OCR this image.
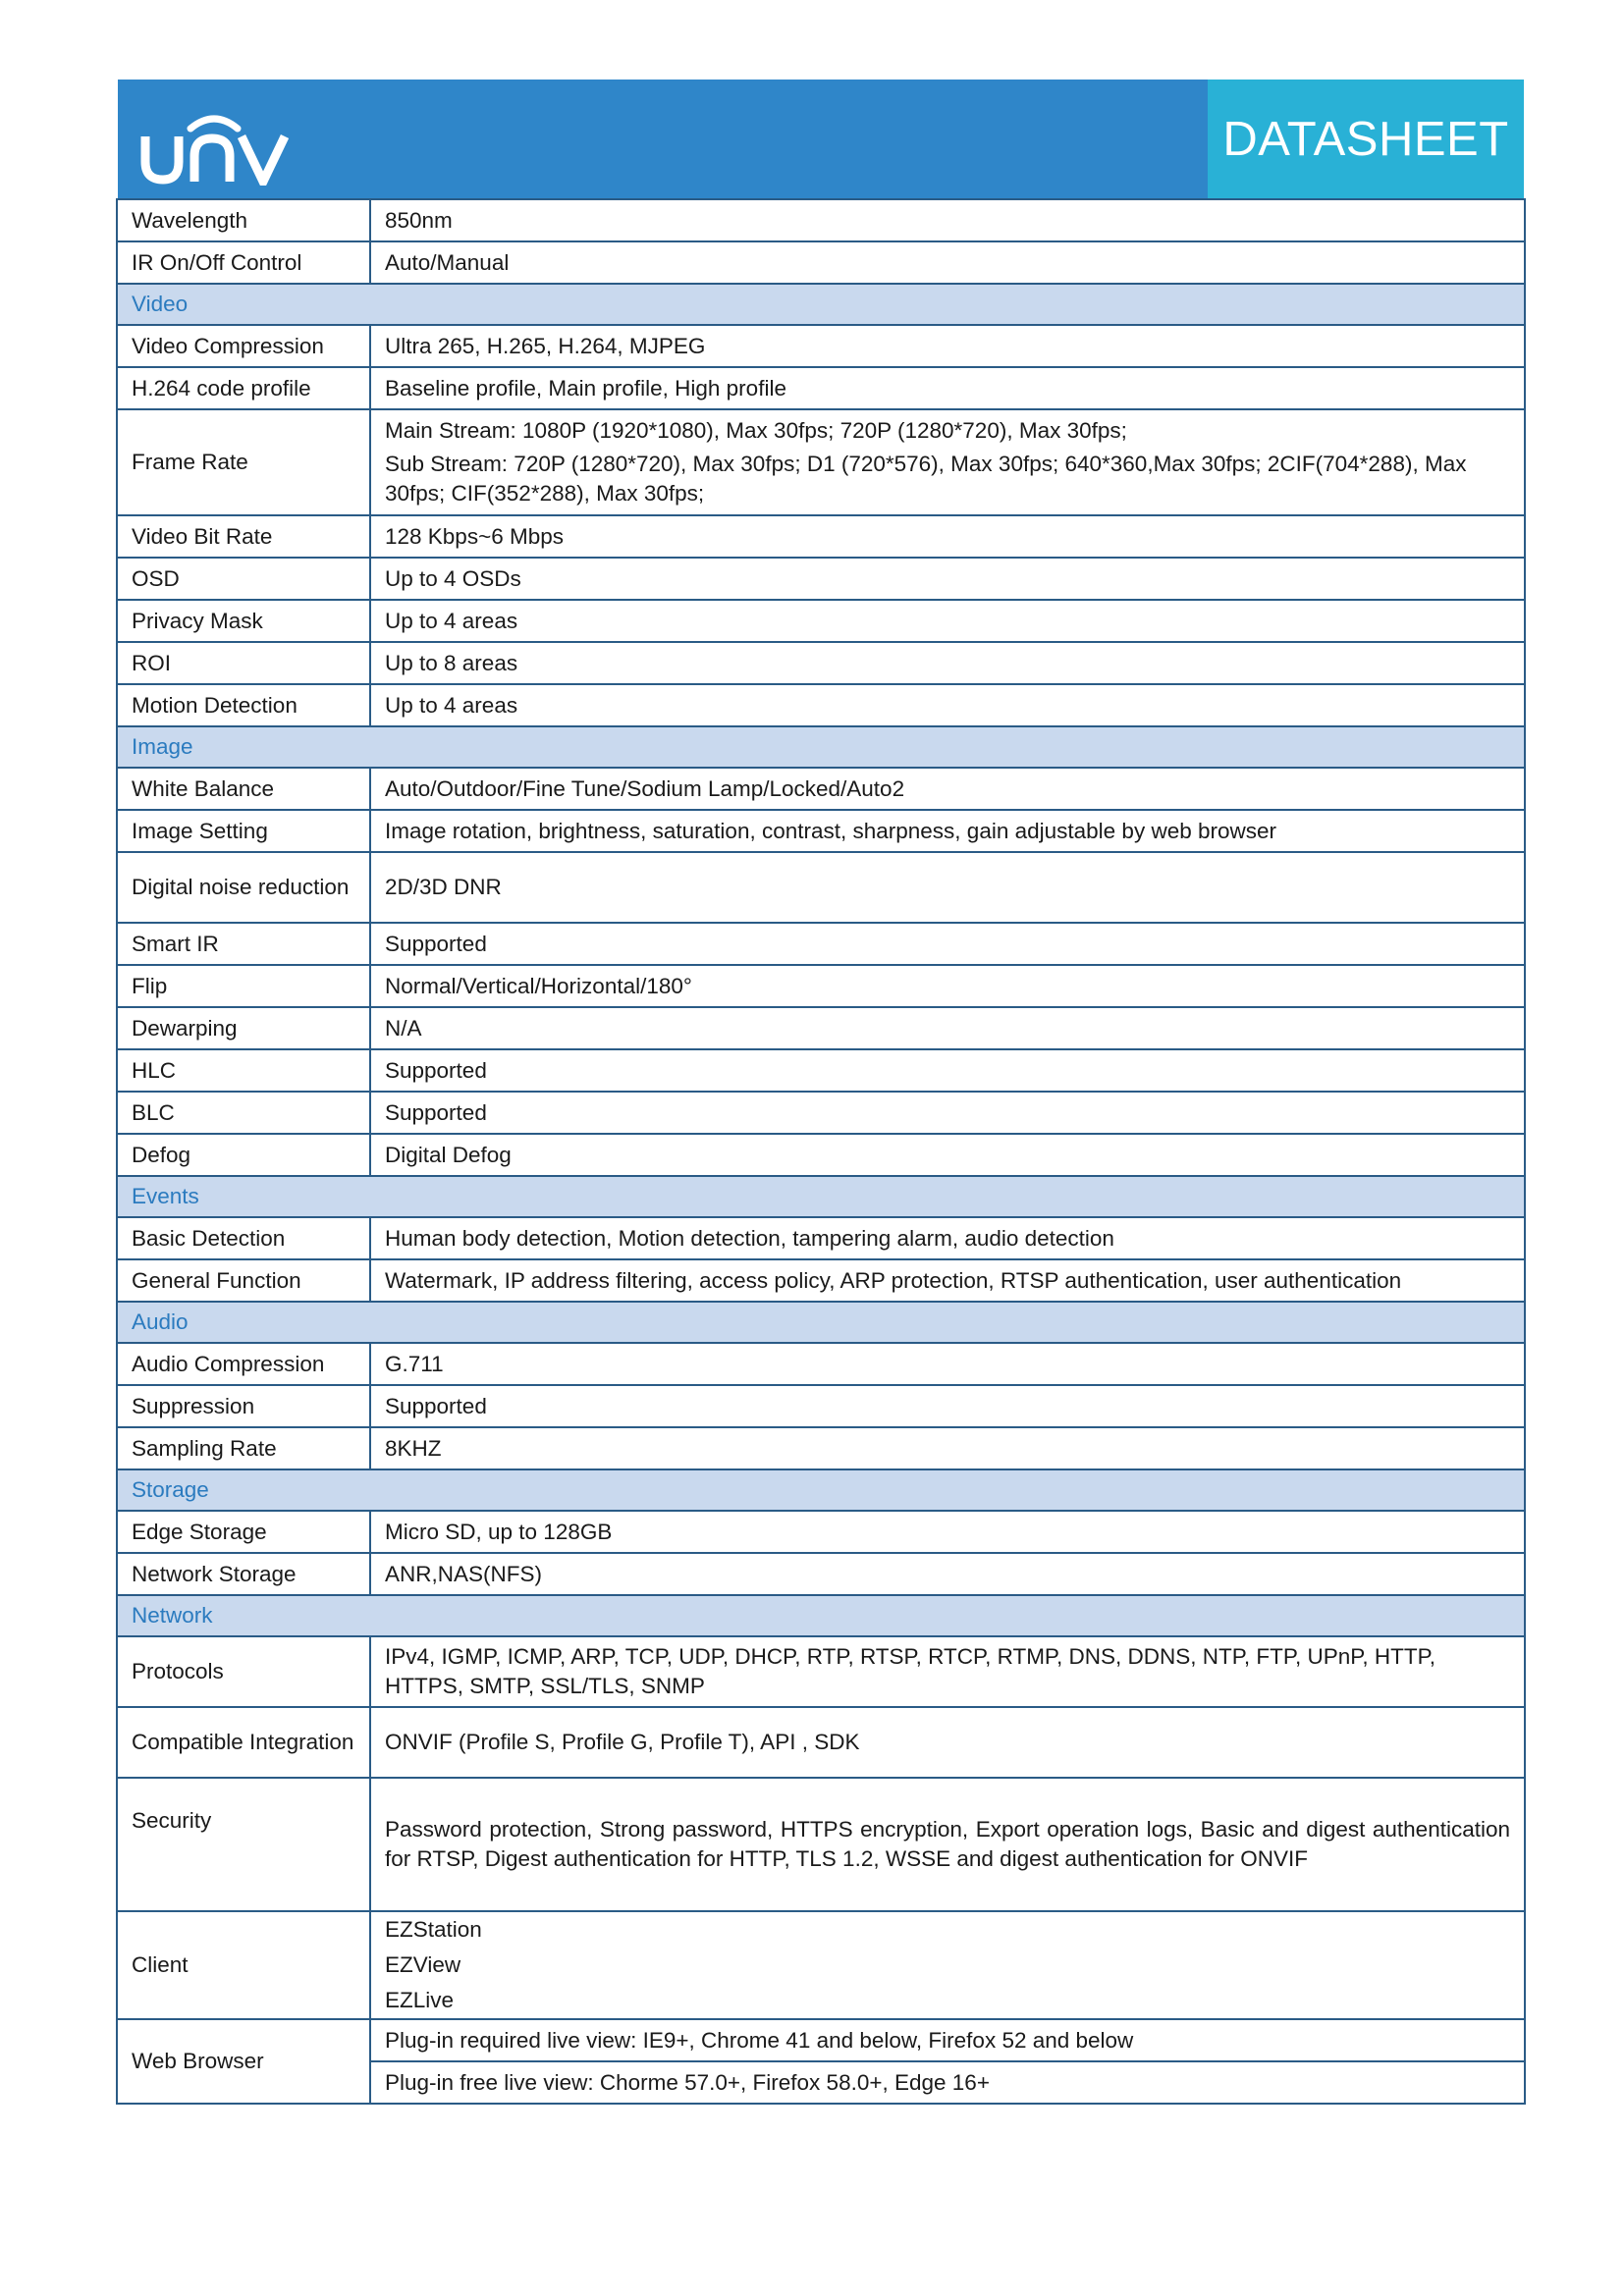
DATASHEET
Wavelength	850nm
IR On/Off Control	Auto/Manual
Video	
Video Compression	Ultra 265, H.265, H.264, MJPEG
H.264 code profile	Baseline profile, Main profile, High profile
Frame Rate	Main Stream: 1080P (1920*1080), Max 30fps; 720P (1280*720), Max 30fps;
Sub Stream: 720P (1280*720), Max 30fps; D1 (720*576), Max 30fps; 640*360,Max 30fps; 2CIF(704*288), Max 30fps; CIF(352*288), Max 30fps;

Video Bit Rate	128 Kbps~6 Mbps
OSD	Up to 4 OSDs
Privacy Mask	Up to 4 areas
ROI	Up to 8 areas
Motion Detection	Up to 4 areas
Image	
White Balance	Auto/Outdoor/Fine Tune/Sodium Lamp/Locked/Auto2
Image Setting	Image rotation, brightness, saturation, contrast, sharpness, gain adjustable by web browser
Digital noise reduction	2D/3D DNR
Smart IR	Supported
Flip	Normal/Vertical/Horizontal/180°
Dewarping	N/A
HLC	Supported
BLC	Supported
Defog	Digital Defog
Events	
Basic Detection	Human body detection, Motion detection, tampering alarm, audio detection
General Function	Watermark, IP address filtering, access policy, ARP protection, RTSP authentication, user authentication
Audio	
Audio Compression	G.711
Suppression	Supported
Sampling Rate	8KHZ
Storage	
Edge Storage	Micro SD, up to 128GB
Network Storage	ANR,NAS(NFS)
Network	
Protocols	IPv4, IGMP, ICMP, ARP, TCP, UDP, DHCP, RTP, RTSP, RTCP, RTMP, DNS, DDNS, NTP, FTP, UPnP, HTTP, HTTPS, SMTP, SSL/TLS, SNMP
Compatible Integration	ONVIF (Profile S, Profile G, Profile T), API , SDK
Security	Password protection, Strong password, HTTPS encryption, Export operation logs, Basic and digest authentication for RTSP, Digest authentication for HTTP, TLS 1.2, WSSE and digest authentication for ONVIF
Client	EZStation
EZView
EZLive

Web Browser	Plug-in required live view: IE9+, Chrome 41 and below, Firefox 52 and below
	Plug-in free live view: Chorme 57.0+, Firefox 58.0+, Edge 16+
